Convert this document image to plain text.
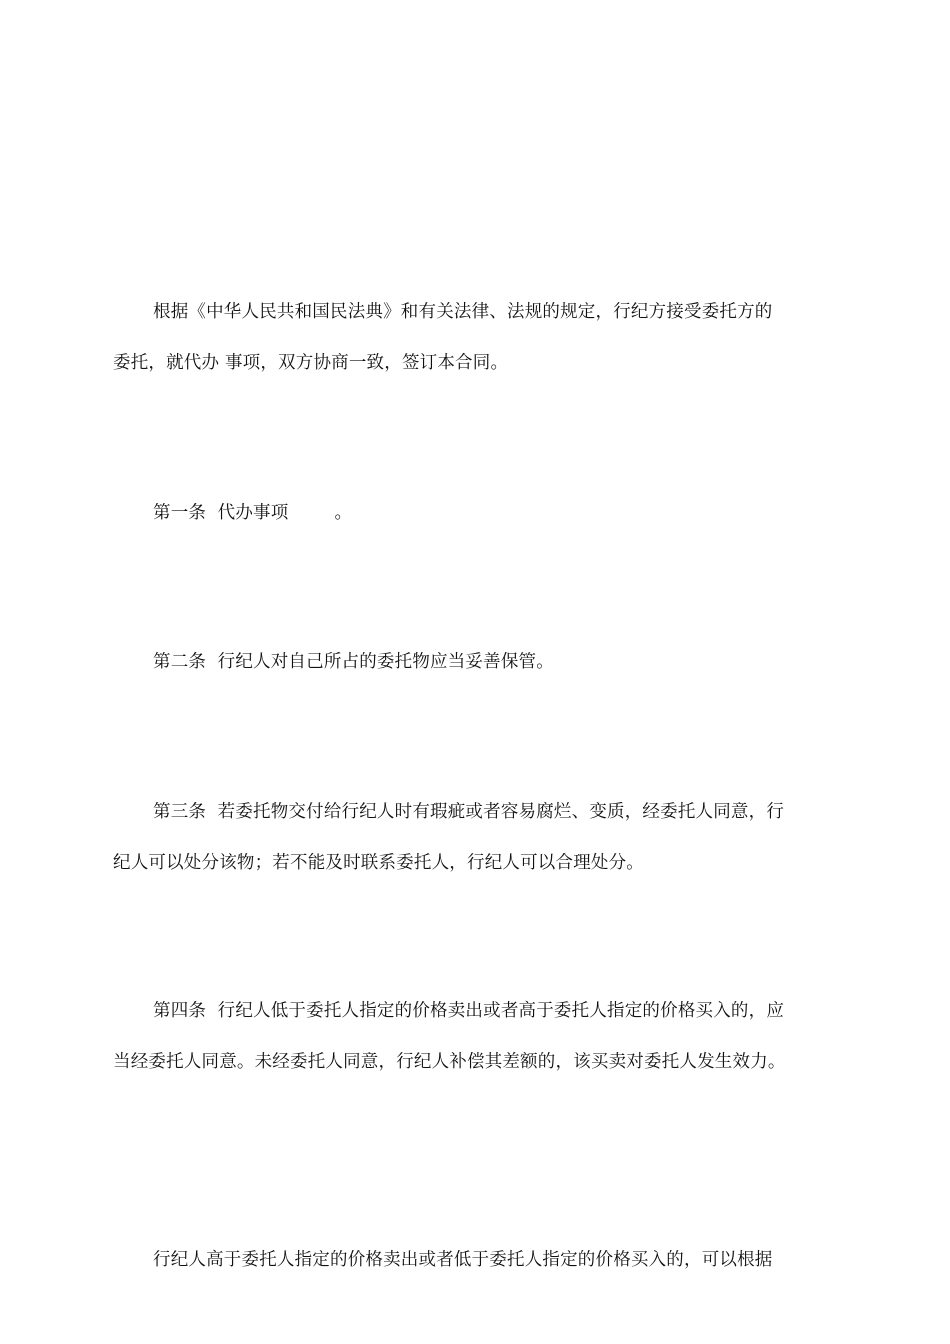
根据《中华人民共和国民法典》和有关法律、法规的规定，行纪方接受委托方的
委托，就代办 事项，双方协商一致，签订本合同。
第一条  代办事项        。
第二条  行纪人对自己所占的委托物应当妥善保管。
第三条  若委托物交付给行纪人时有瑕疵或者容易腐烂、变质，经委托人同意，行
纪人可以处分该物；若不能及时联系委托人，行纪人可以合理处分。
第四条  行纪人低于委托人指定的价格卖出或者高于委托人指定的价格买入的，应
当经委托人同意。未经委托人同意，行纪人补偿其差额的，该买卖对委托人发生效力。
行纪人高于委托人指定的价格卖出或者低于委托人指定的价格买入的，可以根据
